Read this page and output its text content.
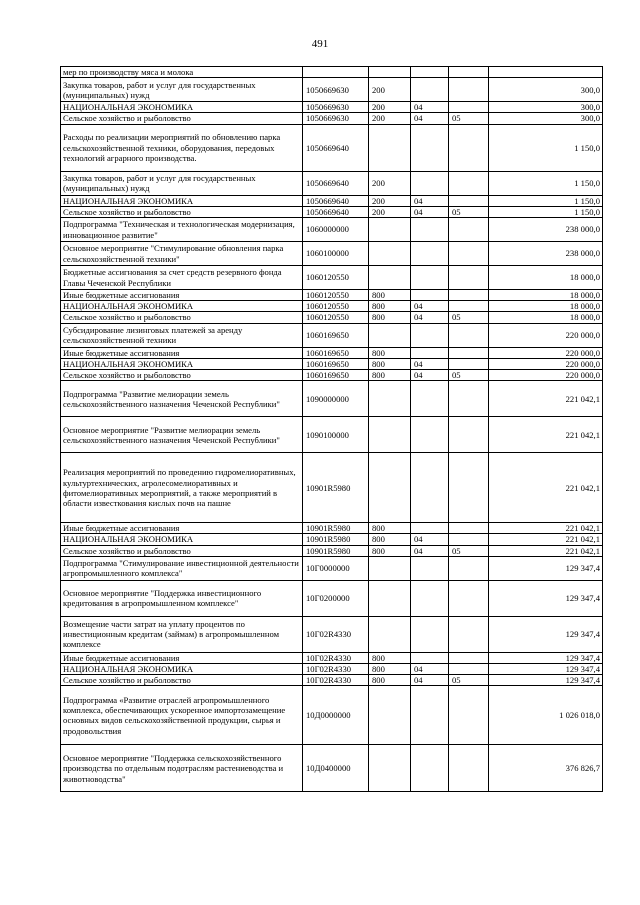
491
мер по производству мяса и молока					
Закупка товаров, работ и услуг для государственных (муниципальных) нужд	1050669630	200			300,0
НАЦИОНАЛЬНАЯ ЭКОНОМИКА	1050669630	200	04		300,0
Сельское хозяйство и рыболовство	1050669630	200	04	05	300,0
Расходы по реализации мероприятий по обновлению парка сельскохозяйственной техники, оборудования, передовых технологий аграрного производства.	1050669640				1 150,0
Закупка товаров, работ и услуг для государственных (муниципальных) нужд	1050669640	200			1 150,0
НАЦИОНАЛЬНАЯ ЭКОНОМИКА	1050669640	200	04		1 150,0
Сельское хозяйство и рыболовство	1050669640	200	04	05	1 150,0
Подпрограмма "Техническая и технологическая модернизация, инновационное развитие"	1060000000				238 000,0
Основное мероприятие "Стимулирование обновления парка сельскохозяйственной техники"	1060100000				238 000,0
Бюджетные ассигнования за счет средств резервного фонда Главы Чеченской Республики	1060120550				18 000,0
Иные бюджетные ассигнования	1060120550	800			18 000,0
НАЦИОНАЛЬНАЯ ЭКОНОМИКА	1060120550	800	04		18 000,0
Сельское хозяйство и рыболовство	1060120550	800	04	05	18 000,0
Субсидирование лизинговых платежей за аренду сельскохозяйственной техники	1060169650				220 000,0
Иные бюджетные ассигнования	1060169650	800			220 000,0
НАЦИОНАЛЬНАЯ ЭКОНОМИКА	1060169650	800	04		220 000,0
Сельское хозяйство и рыболовство	1060169650	800	04	05	220 000,0
Подпрограмма "Развитие мелиорации земель сельскохозяйственного назначения Чеченской Республики"	1090000000				221 042,1
Основное мероприятие "Развитие мелиорации земель сельскохозяйственного назначения Чеченской Республики"	1090100000				221 042,1
Реализация мероприятий по проведению гидромелиоративных, культуртехнических, агролесомелиоративных и фитомелиоративных мероприятий, а также мероприятий в области известкования кислых почв на пашне	10901R5980				221 042,1
Иные бюджетные ассигнования	10901R5980	800			221 042,1
НАЦИОНАЛЬНАЯ ЭКОНОМИКА	10901R5980	800	04		221 042,1
Сельское хозяйство и рыболовство	10901R5980	800	04	05	221 042,1
Подпрограмма "Стимулирование инвестиционной деятельности агропромышленного комплекса"	10Г0000000				129 347,4
Основное мероприятие "Поддержка инвестиционного кредитования в агропромышленном комплексе"	10Г0200000				129 347,4
Возмещение части затрат на уплату процентов по инвестиционным кредитам (займам) в агропромышленном комплексе	10Г02R4330				129 347,4
Иные бюджетные ассигнования	10Г02R4330	800			129 347,4
НАЦИОНАЛЬНАЯ ЭКОНОМИКА	10Г02R4330	800	04		129 347,4
Сельское хозяйство и рыболовство	10Г02R4330	800	04	05	129 347,4
Подпрограмма «Развитие отраслей агропромышленного комплекса, обеспечивающих ускоренное импортозамещение основных видов сельскохозяйственной продукции, сырья и продовольствия	10Д0000000				1 026 018,0
Основное мероприятие "Поддержка сельскохозяйственного производства по отдельным подотраслям растениеводства и животноводства"	10Д0400000				376 826,7
